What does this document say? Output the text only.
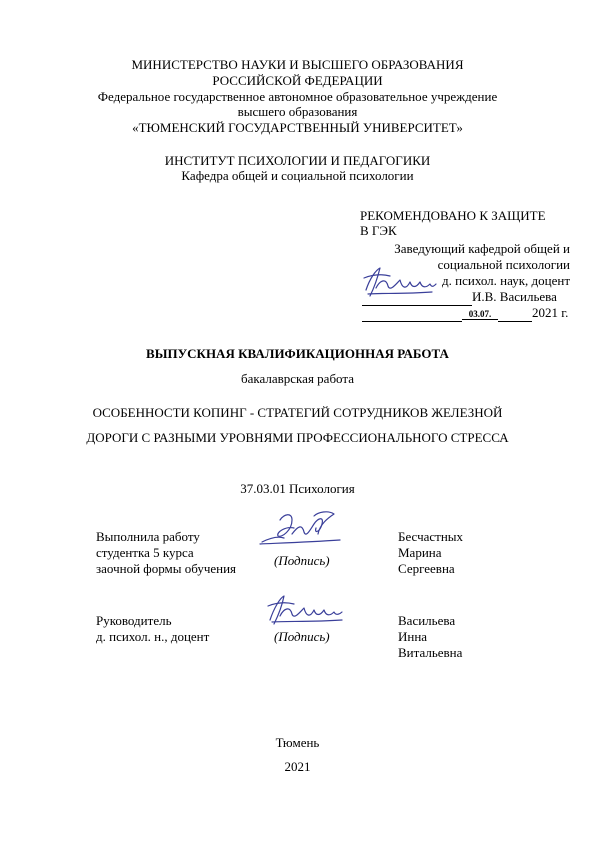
МИНИСТЕРСТВО НАУКИ И ВЫСШЕГО ОБРАЗОВАНИЯ
РОССИЙСКОЙ ФЕДЕРАЦИИ
Федеральное государственное автономное образовательное учреждение
высшего образования
«ТЮМЕНСКИЙ ГОСУДАРСТВЕННЫЙ УНИВЕРСИТЕТ»
ИНСТИТУТ ПСИХОЛОГИИ И ПЕДАГОГИКИ
Кафедра общей и социальной психологии
РЕКОМЕНДОВАНО К ЗАЩИТЕ
В ГЭК
Заведующий кафедрой общей и
социальной психологии
д. психол. наук, доцент
И.В. Васильева
03.07.	2021 г.
ВЫПУСКНАЯ КВАЛИФИКАЦИОННАЯ РАБОТА
бакалаврская работа
ОСОБЕННОСТИ КОПИНГ - СТРАТЕГИЙ СОТРУДНИКОВ ЖЕЛЕЗНОЙ
ДОРОГИ С РАЗНЫМИ УРОВНЯМИ ПРОФЕССИОНАЛЬНОГО СТРЕССА
37.03.01 Психология
Выполнила работу
студентка 5 курса
заочной формы обучения
(Подпись)
Бесчастных
Марина
Сергеевна
Руководитель
д. психол. н., доцент	(Подпись)
Васильева
Инна
Витальевна
Тюмень
2021
